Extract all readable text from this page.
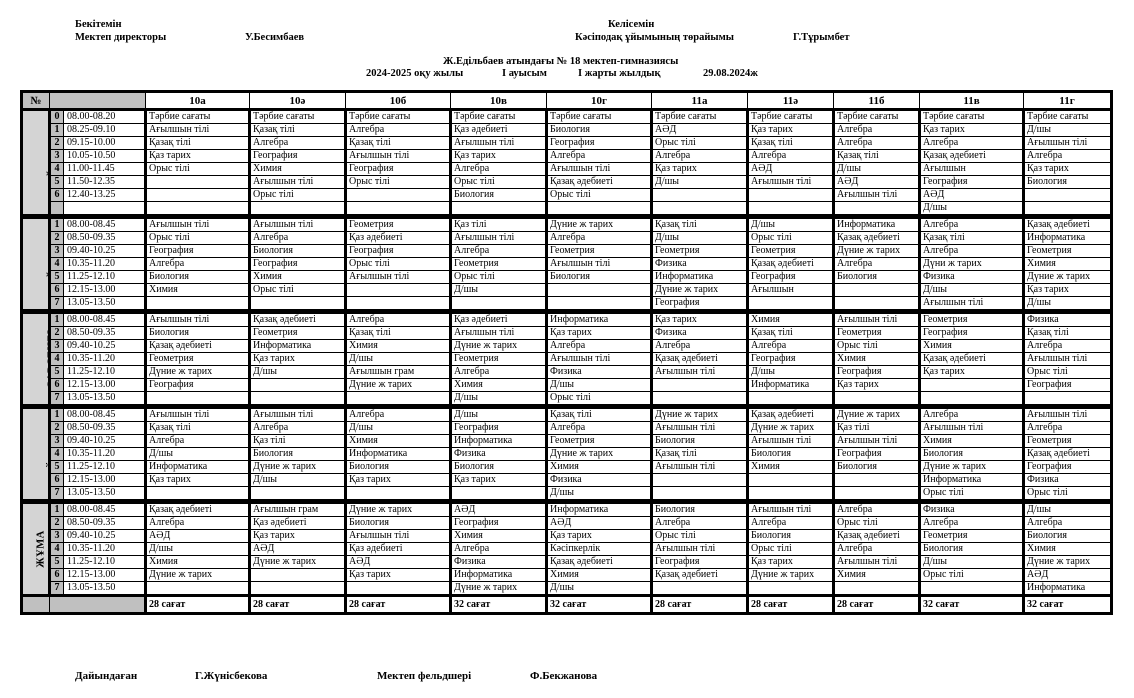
Бекітемін
Мектеп директоры	У.Бесимбаев
Келісемін
Кәсіподақ ұйымының төрайымы	Г.Тұрымбет
Ж.Едільбаев атындағы № 18 мектеп-гимназиясы
2024-2025 оқу жылы	I ауысым	I жарты жылдық	29.08.2024ж
№			10а	10ә	10б	10в	10г	11а	11ә	11б	11в	11г
ДҮЙСЕНБІ	0	08.00-08.20	Тәрбие сағаты	Тәрбие сағаты	Тәрбие сағаты	Тәрбие сағаты	Тәрбие сағаты	Тәрбие сағаты	Тәрбие сағаты	Тәрбие сағаты	Тәрбие сағаты	Тәрбие сағаты
	1	08.25-09.10	Ағылшын тілі	Қазақ тілі	Алгебра	Қаз әдебиеті	Биология	АӘД	Қаз тарих	Алгебра	Қаз тарих	Д/шы
	2	09.15-10.00	Қазақ тілі	Алгебра	Қазақ тілі	Ағылшын тілі	География	Орыс тілі	Қазақ тілі	Алгебра	Алгебра	Ағылшын тілі
	3	10.05-10.50	Қаз тарих	География	Ағылшын тілі	Қаз тарих	Алгебра	Алгебра	Алгебра	Қазақ тілі	Қазақ әдебиеті	Алгебра
	4	11.00-11.45	Орыс тілі	Химия	География	Алгебра	Ағылшын тілі	Қаз тарих	АӘД	Д/шы	Ағылшын	Қаз тарих
	5	11.50-12.35		Ағылшын тілі	Орыс тілі	Орыс тілі	Қазақ әдебиеті	Д/шы	Ағылшын тілі	АӘД	География	Биология
	6	12.40-13.25		Орыс тілі		Биология	Орыс тілі			Ағылшын тілі	АӘД	
											Д/шы	

СЕЙСЕНБІ	1	08.00-08.45	Ағылшын тілі	Ағылшын тілі	Геометрия	Қаз тілі	Дүние ж тарих	Қазақ тілі	Д/шы	Информатика	Алгебра	Қазақ әдебиеті
	2	08.50-09.35	Орыс тілі	Алгебра	Қаз әдебиеті	Ағылшын тілі	Алгебра	Д/шы	Орыс тілі	Қазақ әдебиеті	Қазақ тілі	Информатика
	3	09.40-10.25	География	Биология	География	Алгебра	Геометрия	Геометрия	Геометрия	Дүние ж тарих	Алгебра	Геометрия
	4	10.35-11.20	Алгебра	География	Орыс тілі	Геометрия	Ағылшын тілі	Физика	Қазақ әдебиеті	Алгебра	Дүни ж тарих	Химия
	5	11.25-12.10	Биология	Химия	Ағылшын тілі	Орыс тілі	Биология	Информатика	География	Биология	Физика	Дүние ж тарих
	6	12.15-13.00	Химия	Орыс тілі		Д/шы		Дүние ж тарих	Ағылшын		Д/шы	Қаз тарих
	7	13.05-13.50						География			Ағылшын тілі	Д/шы

САРСЕНБІ	1	08.00-08.45	Ағылшын тілі	Қазақ әдебиеті	Алгебра	Қаз әдебиеті	Информатика	Қаз тарих	Химия	Ағылшын тілі	Геометрия	Физика
	2	08.50-09.35	Биология	Геометрия	Қазақ тілі	Ағылшын тілі	Қаз тарих	Физика	Қазақ тілі	Геометрия	География	Қазақ тілі
	3	09.40-10.25	Қазақ әдебиеті	Информатика	Химия	Дүние ж тарих	Алгебра	Алгебра	Алгебра	Орыс тілі	Химия	Алгебра
	4	10.35-11.20	Геометрия	Қаз тарих	Д/шы	Геометрия	Ағылшын тілі	Қазақ әдебиеті	География	Химия	Қазақ әдебиеті	Ағылшын тілі
	5	11.25-12.10	Дүние ж тарих	Д/шы	Ағылшын грам	Алгебра	Физика	Ағылшын тілі	Д/шы	География	Қаз тарих	Орыс тілі
	6	12.15-13.00	География		Дүние ж тарих	Химия	Д/шы		Информатика	Қаз тарих		География
	7	13.05-13.50				Д/шы	Орыс тілі					

БЕЙСЕНБІ	1	08.00-08.45	Ағылшын тілі	Ағылшын тілі	Алгебра	Д/шы	Қазақ тілі	Дүние ж тарих	Қазақ әдебиеті	Дүние ж тарих	Алгебра	Ағылшын тілі
	2	08.50-09.35	Қазақ тілі	Алгебра	Д/шы	География	Алгебра	Ағылшын тілі	Дүние ж тарих	Қаз тілі	Ағылшын тілі	Алгебра
	3	09.40-10.25	Алгебра	Қаз тілі	Химия	Информатика	Геометрия	Биология	Ағылшын тілі	Ағылшын тілі	Химия	Геометрия
	4	10.35-11.20	Д/шы	Биология	Информатика	Физика	Дүние ж тарих	Қазақ тілі	Биология	География	Биология	Қазақ әдебиеті
	5	11.25-12.10	Информатика	Дүние ж тарих	Биология	Биология	Химия	Ағылшын тілі	Химия	Биология	Дүние ж тарих	География
	6	12.15-13.00	Қаз тарих	Д/шы	Қаз тарих	Қаз тарих	Физика				Информатика	Физика
	7	13.05-13.50					Д/шы				Орыс тілі	Орыс тілі

ЖҰМА	1	08.00-08.45	Қазақ әдебиеті	Ағылшын грам	Дүние ж тарих	АӘД	Информатика	Биология	Ағылшын тілі	Алгебра	Физика	Д/шы
	2	08.50-09.35	Алгебра	Қаз әдебиеті	Биология	География	АӘД	Алгебра	Алгебра	Орыс тілі	Алгебра	Алгебра
	3	09.40-10.25	АӘД	Қаз тарих	Ағылшын тілі	Химия	Қаз тарих	Орыс тілі	Биология	Қазақ әдебиеті	Геометрия	Биология
	4	10.35-11.20	Д/шы	АӘД	Қаз әдебиеті	Алгебра	Кәсіпкерлік	Ағылшын тілі	Орыс тілі	Алгебра	Биология	Химия
	5	11.25-12.10	Химия	Дүние ж тарих	АӘД	Физика	Қазақ әдебиеті	География	Қаз тарих	Ағылшын тілі	Д/шы	Дүние ж тарих
	6	12.15-13.00	Дүние ж тарих		Қаз тарих	Информатика	Химия	Қазақ әдебиеті	Дүние ж тарих	Химия	Орыс тілі	АӘД
	7	13.05-13.50				Дүние ж тарих	Д/шы					Информатика
			28 сағат	28 сағат	28 сағат	32 сағат	32 сағат	28 сағат	28 сағат	28 сағат	32 сағат	32 сағат
Дайындаған	Г.Жүнісбекова	Мектеп фельдшері	Ф.Бекжанова
